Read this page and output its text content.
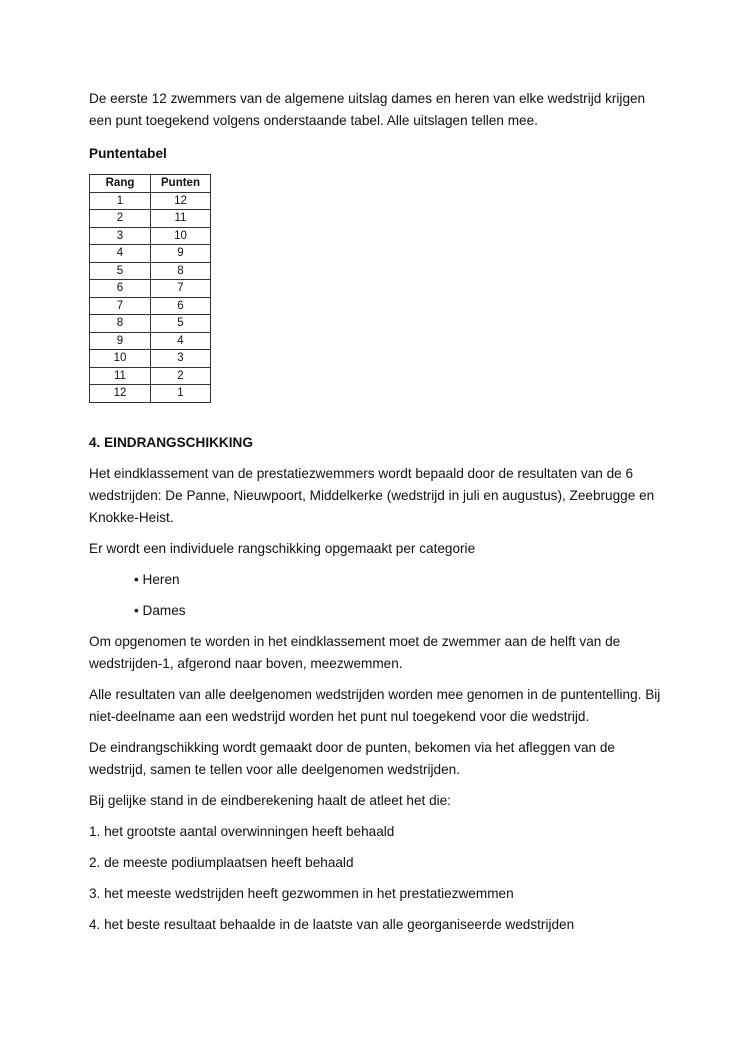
De eerste 12 zwemmers van de algemene uitslag dames en heren van elke wedstrijd krijgen een punt toegekend volgens onderstaande tabel. Alle uitslagen tellen mee.

Puntentabel
Rang	Punten
1	12
2	11
3	10
4	9
5	8
6	7
7	6
8	5
9	4
10	3
11	2
12	1
4. EINDRANGSCHIKKING

Het eindklassement van de prestatiezwemmers wordt bepaald door de resultaten van de 6 wedstrijden: De Panne, Nieuwpoort, Middelkerke (wedstrijd in juli en augustus), Zeebrugge en Knokke-Heist.

Er wordt een individuele rangschikking opgemaakt per categorie

• Heren

• Dames

Om opgenomen te worden in het eindklassement moet de zwemmer aan de helft van de wedstrijden-1, afgerond naar boven, meezwemmen.

Alle resultaten van alle deelgenomen wedstrijden worden mee genomen in de puntentelling. Bij niet-deelname aan een wedstrijd worden het punt nul toegekend voor die wedstrijd.

De eindrangschikking wordt gemaakt door de punten, bekomen via het afleggen van de wedstrijd, samen te tellen voor alle deelgenomen wedstrijden.

Bij gelijke stand in de eindberekening haalt de atleet het die:

1. het grootste aantal overwinningen heeft behaald

2. de meeste podiumplaatsen heeft behaald

3. het meeste wedstrijden heeft gezwommen in het prestatiezwemmen

4. het beste resultaat behaalde in de laatste van alle georganiseerde wedstrijden
